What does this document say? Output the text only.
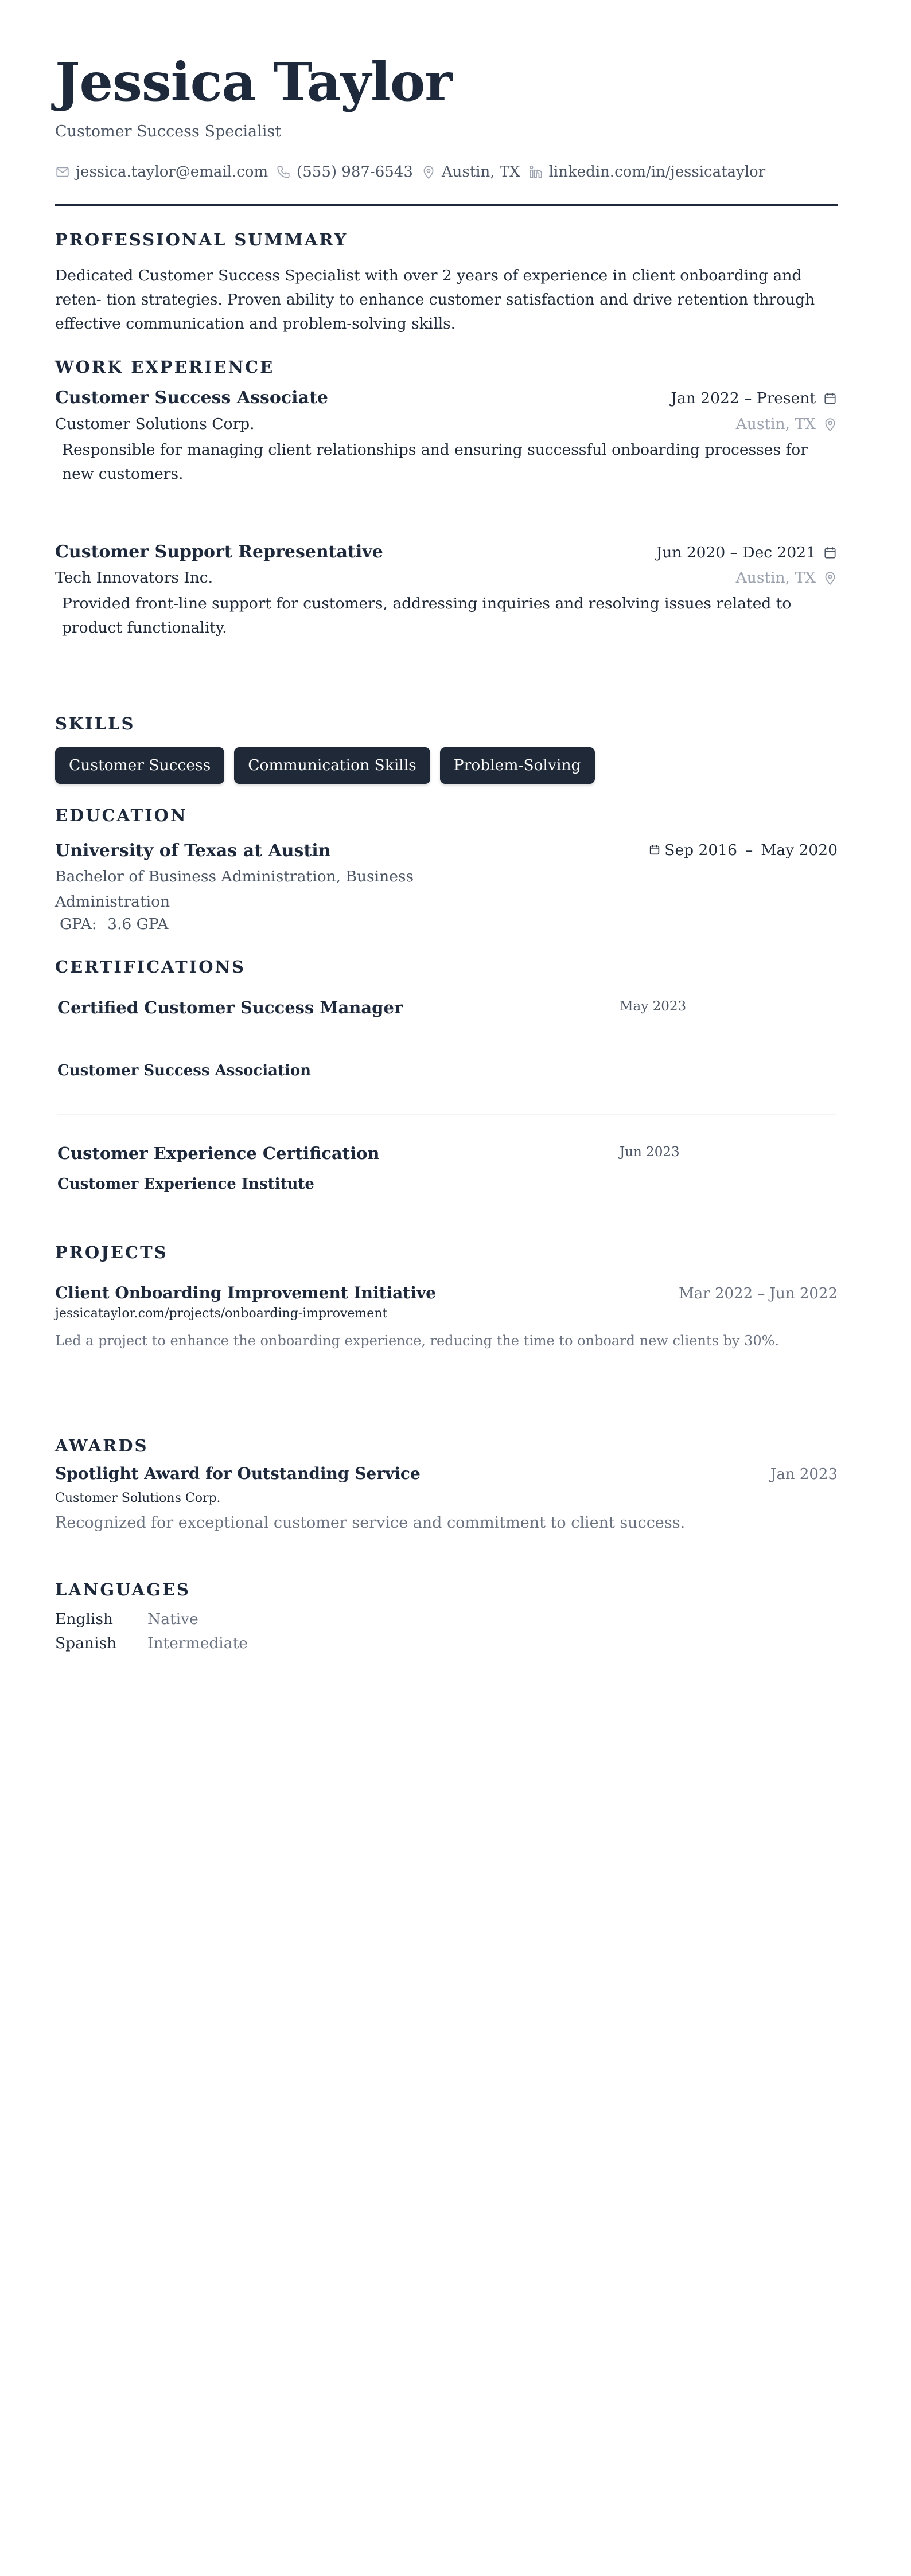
Jessica Taylor
Customer Success Specialist
jessica.taylor@email.com (555) 987-6543 Austin, TX linkedin.com/in/jessicataylor
PROFESSIONAL SUMMARY
Dedicated Customer Success Specialist with over 2 years of experience in client onboarding and reten- tion strategies. Proven ability to enhance customer satisfaction and drive retention through effective communication and problem-solving skills.
WORK EXPERIENCE
Customer Success Associate	Jan 2022 – Present
Customer Solutions Corp.	Austin, TX
Responsible for managing client relationships and ensuring successful onboarding processes for new customers.
Customer Support Representative	Jun 2020 – Dec 2021
Tech Innovators Inc.	Austin, TX
Provided front-line support for customers, addressing inquiries and resolving issues related to product functionality.
SKILLS
Customer Success	Communication Skills	Problem-Solving
EDUCATION
University of Texas at Austin	Sep 2016 – May 2020
Bachelor of Business Administration, Business Administration
GPA: 3.6 GPA
CERTIFICATIONS
Certified Customer Success Manager	May 2023
Customer Success Association
Customer Experience Certification	Jun 2023
Customer Experience Institute
PROJECTS
Client Onboarding Improvement Initiative	Mar 2022 – Jun 2022
jessicataylor.com/projects/onboarding-improvement
Led a project to enhance the onboarding experience, reducing the time to onboard new clients by 30%.
AWARDS
Spotlight Award for Outstanding Service	Jan 2023
Customer Solutions Corp.
Recognized for exceptional customer service and commitment to client success.
LANGUAGES
English Native
Spanish Intermediate
